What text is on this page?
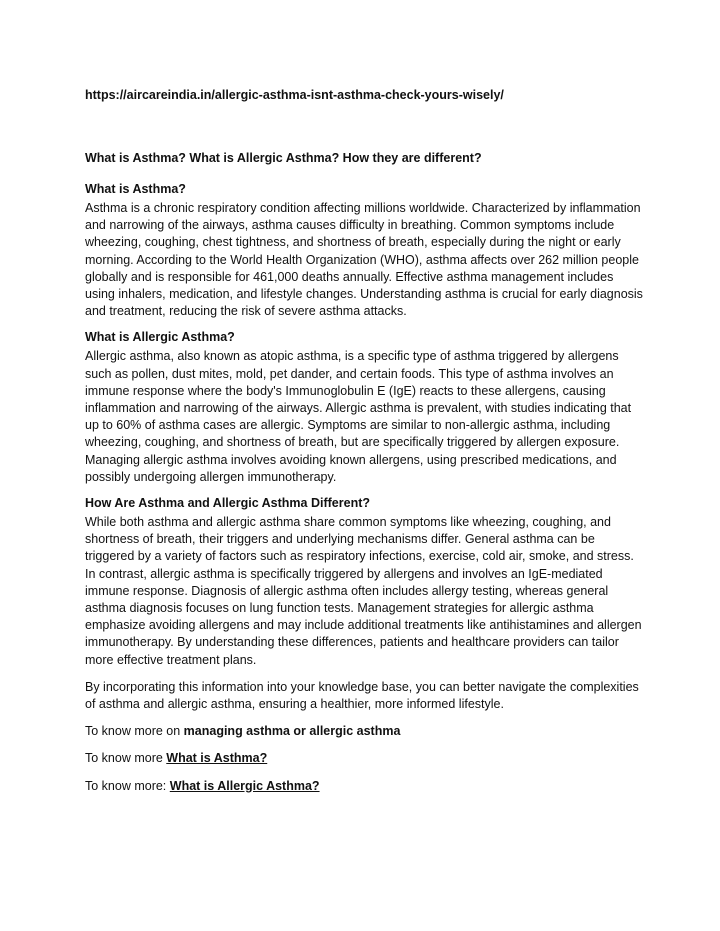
https://aircareindia.in/allergic-asthma-isnt-asthma-check-yours-wisely/
What is Asthma? What is Allergic Asthma? How they are different?
What is Asthma?

Asthma is a chronic respiratory condition affecting millions worldwide. Characterized by inflammation and narrowing of the airways, asthma causes difficulty in breathing. Common symptoms include wheezing, coughing, chest tightness, and shortness of breath, especially during the night or early morning. According to the World Health Organization (WHO), asthma affects over 262 million people globally and is responsible for 461,000 deaths annually. Effective asthma management includes using inhalers, medication, and lifestyle changes. Understanding asthma is crucial for early diagnosis and treatment, reducing the risk of severe asthma attacks.

What is Allergic Asthma?

Allergic asthma, also known as atopic asthma, is a specific type of asthma triggered by allergens such as pollen, dust mites, mold, pet dander, and certain foods. This type of asthma involves an immune response where the body's Immunoglobulin E (IgE) reacts to these allergens, causing inflammation and narrowing of the airways. Allergic asthma is prevalent, with studies indicating that up to 60% of asthma cases are allergic. Symptoms are similar to non-allergic asthma, including wheezing, coughing, and shortness of breath, but are specifically triggered by allergen exposure. Managing allergic asthma involves avoiding known allergens, using prescribed medications, and possibly undergoing allergen immunotherapy.

How Are Asthma and Allergic Asthma Different?

While both asthma and allergic asthma share common symptoms like wheezing, coughing, and shortness of breath, their triggers and underlying mechanisms differ. General asthma can be triggered by a variety of factors such as respiratory infections, exercise, cold air, smoke, and stress. In contrast, allergic asthma is specifically triggered by allergens and involves an IgE-mediated immune response. Diagnosis of allergic asthma often includes allergy testing, whereas general asthma diagnosis focuses on lung function tests. Management strategies for allergic asthma emphasize avoiding allergens and may include additional treatments like antihistamines and allergen immunotherapy. By understanding these differences, patients and healthcare providers can tailor more effective treatment plans.

By incorporating this information into your knowledge base, you can better navigate the complexities of asthma and allergic asthma, ensuring a healthier, more informed lifestyle.

To know more on managing asthma or allergic asthma

To know more What is Asthma?

To know more: What is Allergic Asthma?
